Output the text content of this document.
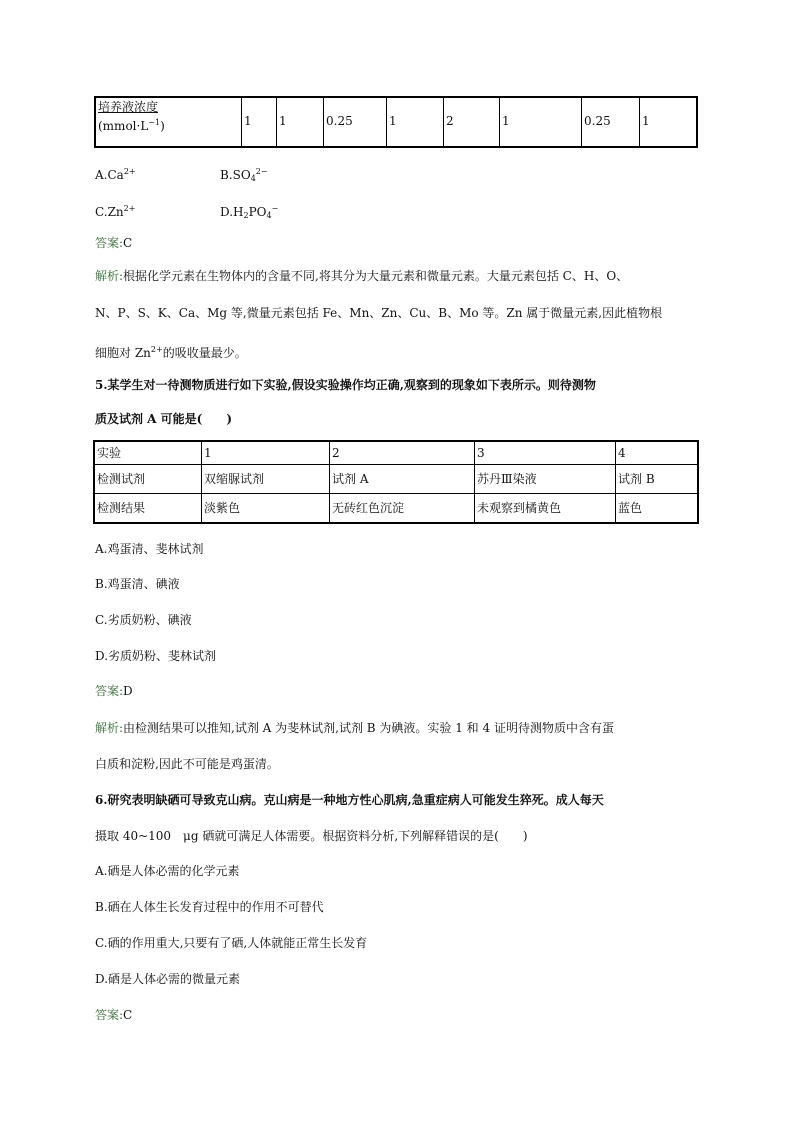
培养液浓度
$(mmol\cdot L^{-1})$	1	1	0.25	1	2	1	0.25	1
$A.Ca^{2+}$	$B.SO_4^{2-}$
$C.Zn^{2+}$	$D.H_2PO_4^-$
答案:C
解析:根据化学元素在生物体内的含量不同,将其分为大量元素和微量元素。大量元素包括 C、H、O、
N、P、S、K、Ca、Mg 等,微量元素包括 Fe、Mn、Zn、Cu、B、Mo 等。Zn 属于微量元素,因此植物根
细胞对 $Zn^{2+}$的吸收量最少。
5.某学生对一待测物质进行如下实验,假设实验操作均正确,观察到的现象如下表所示。则待测物
质及试剂 A 可能是(　　)
实验	1	2	3	4
检测试剂	双缩脲试剂	试剂 A	苏丹Ⅲ染液	试剂 B
检测结果	淡紫色	无砖红色沉淀	未观察到橘黄色	蓝色
A.鸡蛋清、斐林试剂
B.鸡蛋清、碘液
C.劣质奶粉、碘液
D.劣质奶粉、斐林试剂
答案:D
解析:由检测结果可以推知,试剂 A 为斐林试剂,试剂 B 为碘液。实验 1 和 4 证明待测物质中含有蛋
白质和淀粉,因此不可能是鸡蛋清。
6.研究表明缺硒可导致克山病。克山病是一种地方性心肌病,急重症病人可能发生猝死。成人每天
摄取 40~100　μg 硒就可满足人体需要。根据资料分析,下列解释错误的是(　　)
A.硒是人体必需的化学元素
B.硒在人体生长发育过程中的作用不可替代
C.硒的作用重大,只要有了硒,人体就能正常生长发育
D.硒是人体必需的微量元素
答案:C
